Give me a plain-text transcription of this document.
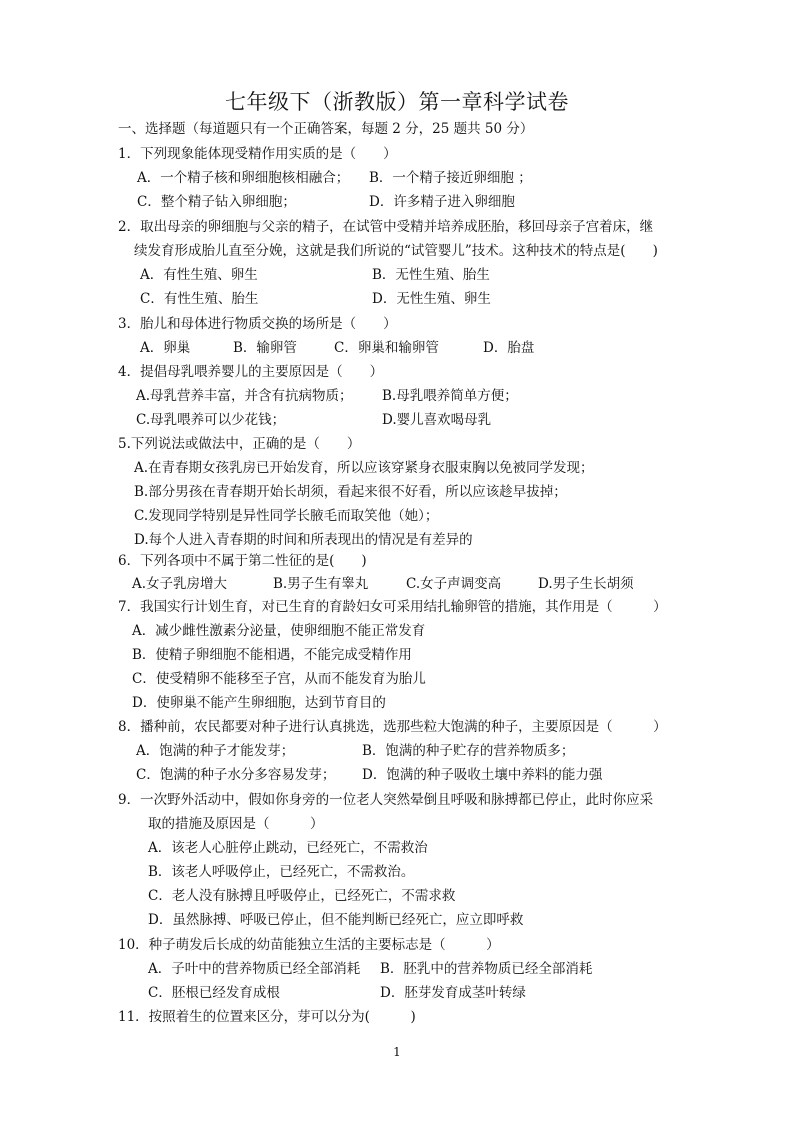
七年级下（浙教版）第一章科学试卷
一、选择题（每道题只有一个正确答案，每题 2 分，25 题共 50 分）
1．下列现象能体现受精作用实质的是（　　）
A．一个精子核和卵细胞核相融合； B．一个精子接近卵细胞 ；
C．整个精子钻入卵细胞；	D．许多精子进入卵细胞
2．取出母亲的卵细胞与父亲的精子，在试管中受精并培养成胚胎，移回母亲子宫着床，继
续发育形成胎儿直至分娩，这就是我们所说的“试管婴儿”技术。这种技术的特点是(　　)
A．有性生殖、卵生	B．无性生殖、胎生
C．有性生殖、胎生	D．无性生殖、卵生
3．胎儿和母体进行物质交换的场所是（　　）
A．卵巢	B．输卵管	C．卵巢和输卵管	D．胎盘
4．提倡母乳喂养婴儿的主要原因是（　　）
A.母乳营养丰富，并含有抗病物质； B.母乳喂养简单方便；
C.母乳喂养可以少花钱；	D.婴儿喜欢喝母乳
5.下列说法或做法中，正确的是（　　）
A.在青春期女孩乳房已开始发育，所以应该穿紧身衣服束胸以免被同学发现；
B.部分男孩在青春期开始长胡须，看起来很不好看，所以应该趁早拔掉；
C.发现同学特别是异性同学长腋毛而取笑他（她）；
D.每个人进入青春期的时间和所表现出的情况是有差异的
6．下列各项中不属于第二性征的是(　　)
A.女子乳房增大	B.男子生有睾丸	C.女子声调变高	D.男子生长胡须
7．我国实行计划生育，对已生育的育龄妇女可采用结扎输卵管的措施，其作用是（　　　）
A．减少雌性激素分泌量，使卵细胞不能正常发育
B．使精子卵细胞不能相遇，不能完成受精作用
C．使受精卵不能移至子宫，从而不能发育为胎儿
D．使卵巢不能产生卵细胞，达到节育目的
8．播种前，农民都要对种子进行认真挑选，选那些粒大饱满的种子，主要原因是（　　　）
A．饱满的种子才能发芽；	B．饱满的种子贮存的营养物质多；
C．饱满的种子水分多容易发芽； D．饱满的种子吸收土壤中养料的能力强
9．一次野外活动中，假如你身旁的一位老人突然晕倒且呼吸和脉搏都已停止，此时你应采
取的措施及原因是（　　　）
A．该老人心脏停止跳动，已经死亡，不需救治
B．该老人呼吸停止，已经死亡，不需救治。
C．老人没有脉搏且呼吸停止，已经死亡，不需求救
D．虽然脉搏、呼吸已停止，但不能判断已经死亡，应立即呼救
10．种子萌发后长成的幼苗能独立生活的主要标志是（　　　）
A．子叶中的营养物质已经全部消耗 B．胚乳中的营养物质已经全部消耗
C．胚根已经发育成根	D．胚芽发育成茎叶转绿
11．按照着生的位置来区分，芽可以分为(　　　)
1
